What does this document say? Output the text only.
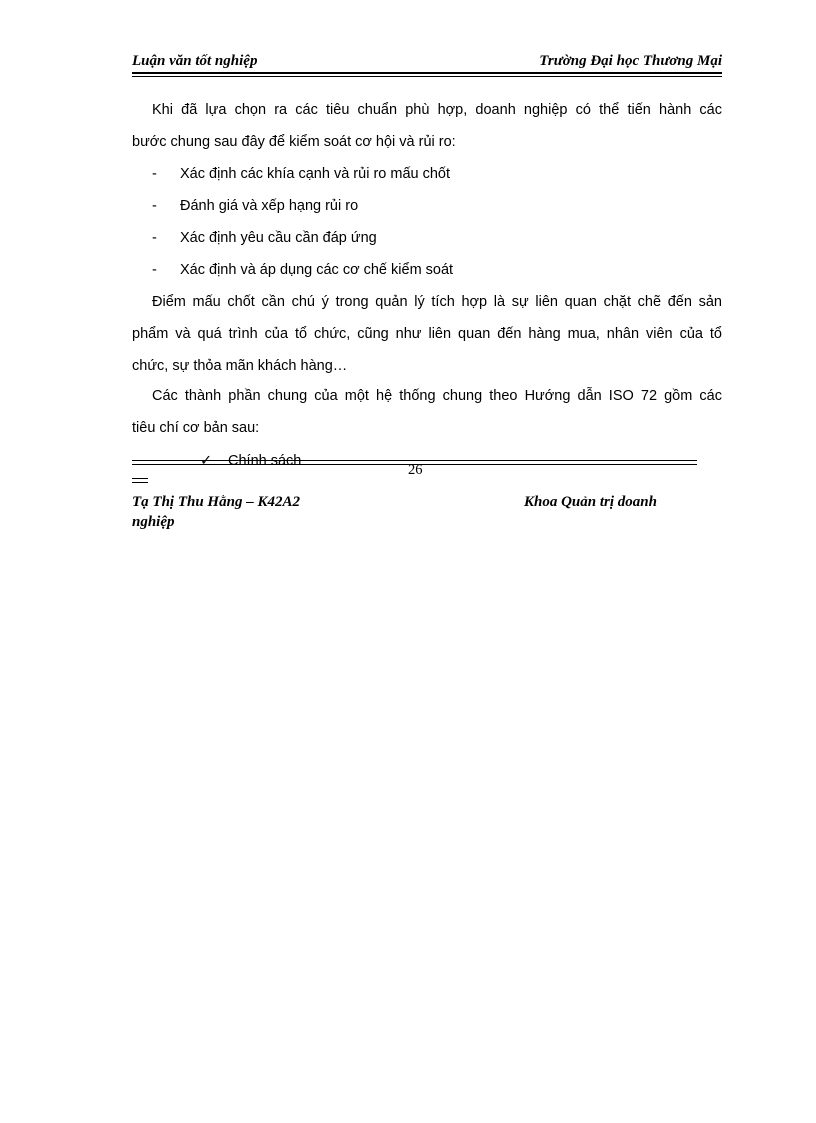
Luận văn tốt nghiệp	Trường Đại học Thương Mại
Khi đã lựa chọn ra các tiêu chuẩn phù hợp, doanh nghiệp có thể tiến hành các
bước chung sau đây để kiểm soát cơ hội và rủi ro:
- Xác định các khía cạnh và rủi ro mấu chốt
- Đánh giá và xếp hạng rủi ro
- Xác định yêu cầu cần đáp ứng
- Xác định và áp dụng các cơ chế kiểm soát
Điểm mấu chốt cần chú ý trong quản lý tích hợp là sự liên quan chặt chẽ đến sản
phẩm và quá trình của tổ chức, cũng như liên quan đến hàng mua, nhân viên của tổ
chức, sự thỏa mãn khách hàng…
Các thành phần chung của một hệ thống chung theo Hướng dẫn ISO 72 gồm các
tiêu chí cơ bản sau:
✓ Chính sách
26
Tạ Thị Thu Hằng – K42A2	Khoa Quản trị doanh
nghiệp
